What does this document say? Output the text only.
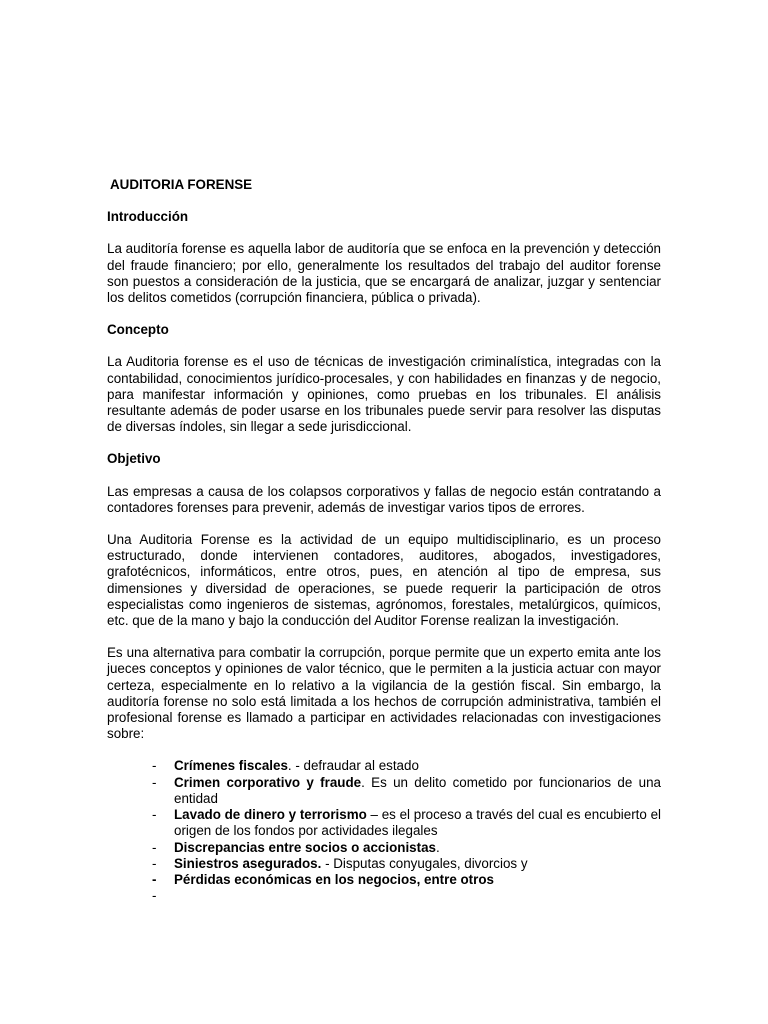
AUDITORIA FORENSE
Introducción
La auditoría forense es aquella labor de auditoría que se enfoca en la prevención y detección del fraude financiero; por ello, generalmente los resultados del trabajo del auditor forense son puestos a consideración de la justicia, que se encargará de analizar, juzgar y sentenciar los delitos cometidos (corrupción financiera, pública o privada).
Concepto
La Auditoria forense es el uso de técnicas de investigación criminalística, integradas con la contabilidad, conocimientos jurídico-procesales, y con habilidades en finanzas y de negocio, para manifestar información y opiniones, como pruebas en los tribunales. El análisis resultante además de poder usarse en los tribunales puede servir para resolver las disputas de diversas índoles, sin llegar a sede jurisdiccional.
Objetivo
Las empresas a causa de los colapsos corporativos y fallas de negocio están contratando a contadores forenses para prevenir, además de investigar varios tipos de errores.
Una Auditoria Forense es la actividad de un equipo multidisciplinario, es un proceso estructurado, donde intervienen contadores, auditores, abogados, investigadores, grafotécnicos, informáticos, entre otros, pues, en atención al tipo de empresa, sus dimensiones y diversidad de operaciones, se puede requerir la participación de otros especialistas como ingenieros de sistemas, agrónomos, forestales, metalúrgicos, químicos, etc. que de la mano y bajo la conducción del Auditor Forense realizan la investigación.
Es una alternativa para combatir la corrupción, porque permite que un experto emita ante los jueces conceptos y opiniones de valor técnico, que le permiten a la justicia actuar con mayor certeza, especialmente en lo relativo a la vigilancia de la gestión fiscal. Sin embargo, la auditoría forense no solo está limitada a los hechos de corrupción administrativa, también el profesional forense es llamado a participar en actividades relacionadas con investigaciones sobre:
- Crímenes fiscales. - defraudar al estado
- Crimen corporativo y fraude. Es un delito cometido por funcionarios de una entidad
- Lavado de dinero y terrorismo – es el proceso a través del cual es encubierto el origen de los fondos por actividades ilegales
- Discrepancias entre socios o accionistas.
- Siniestros asegurados. - Disputas conyugales, divorcios y
- Pérdidas económicas en los negocios, entre otros
-
